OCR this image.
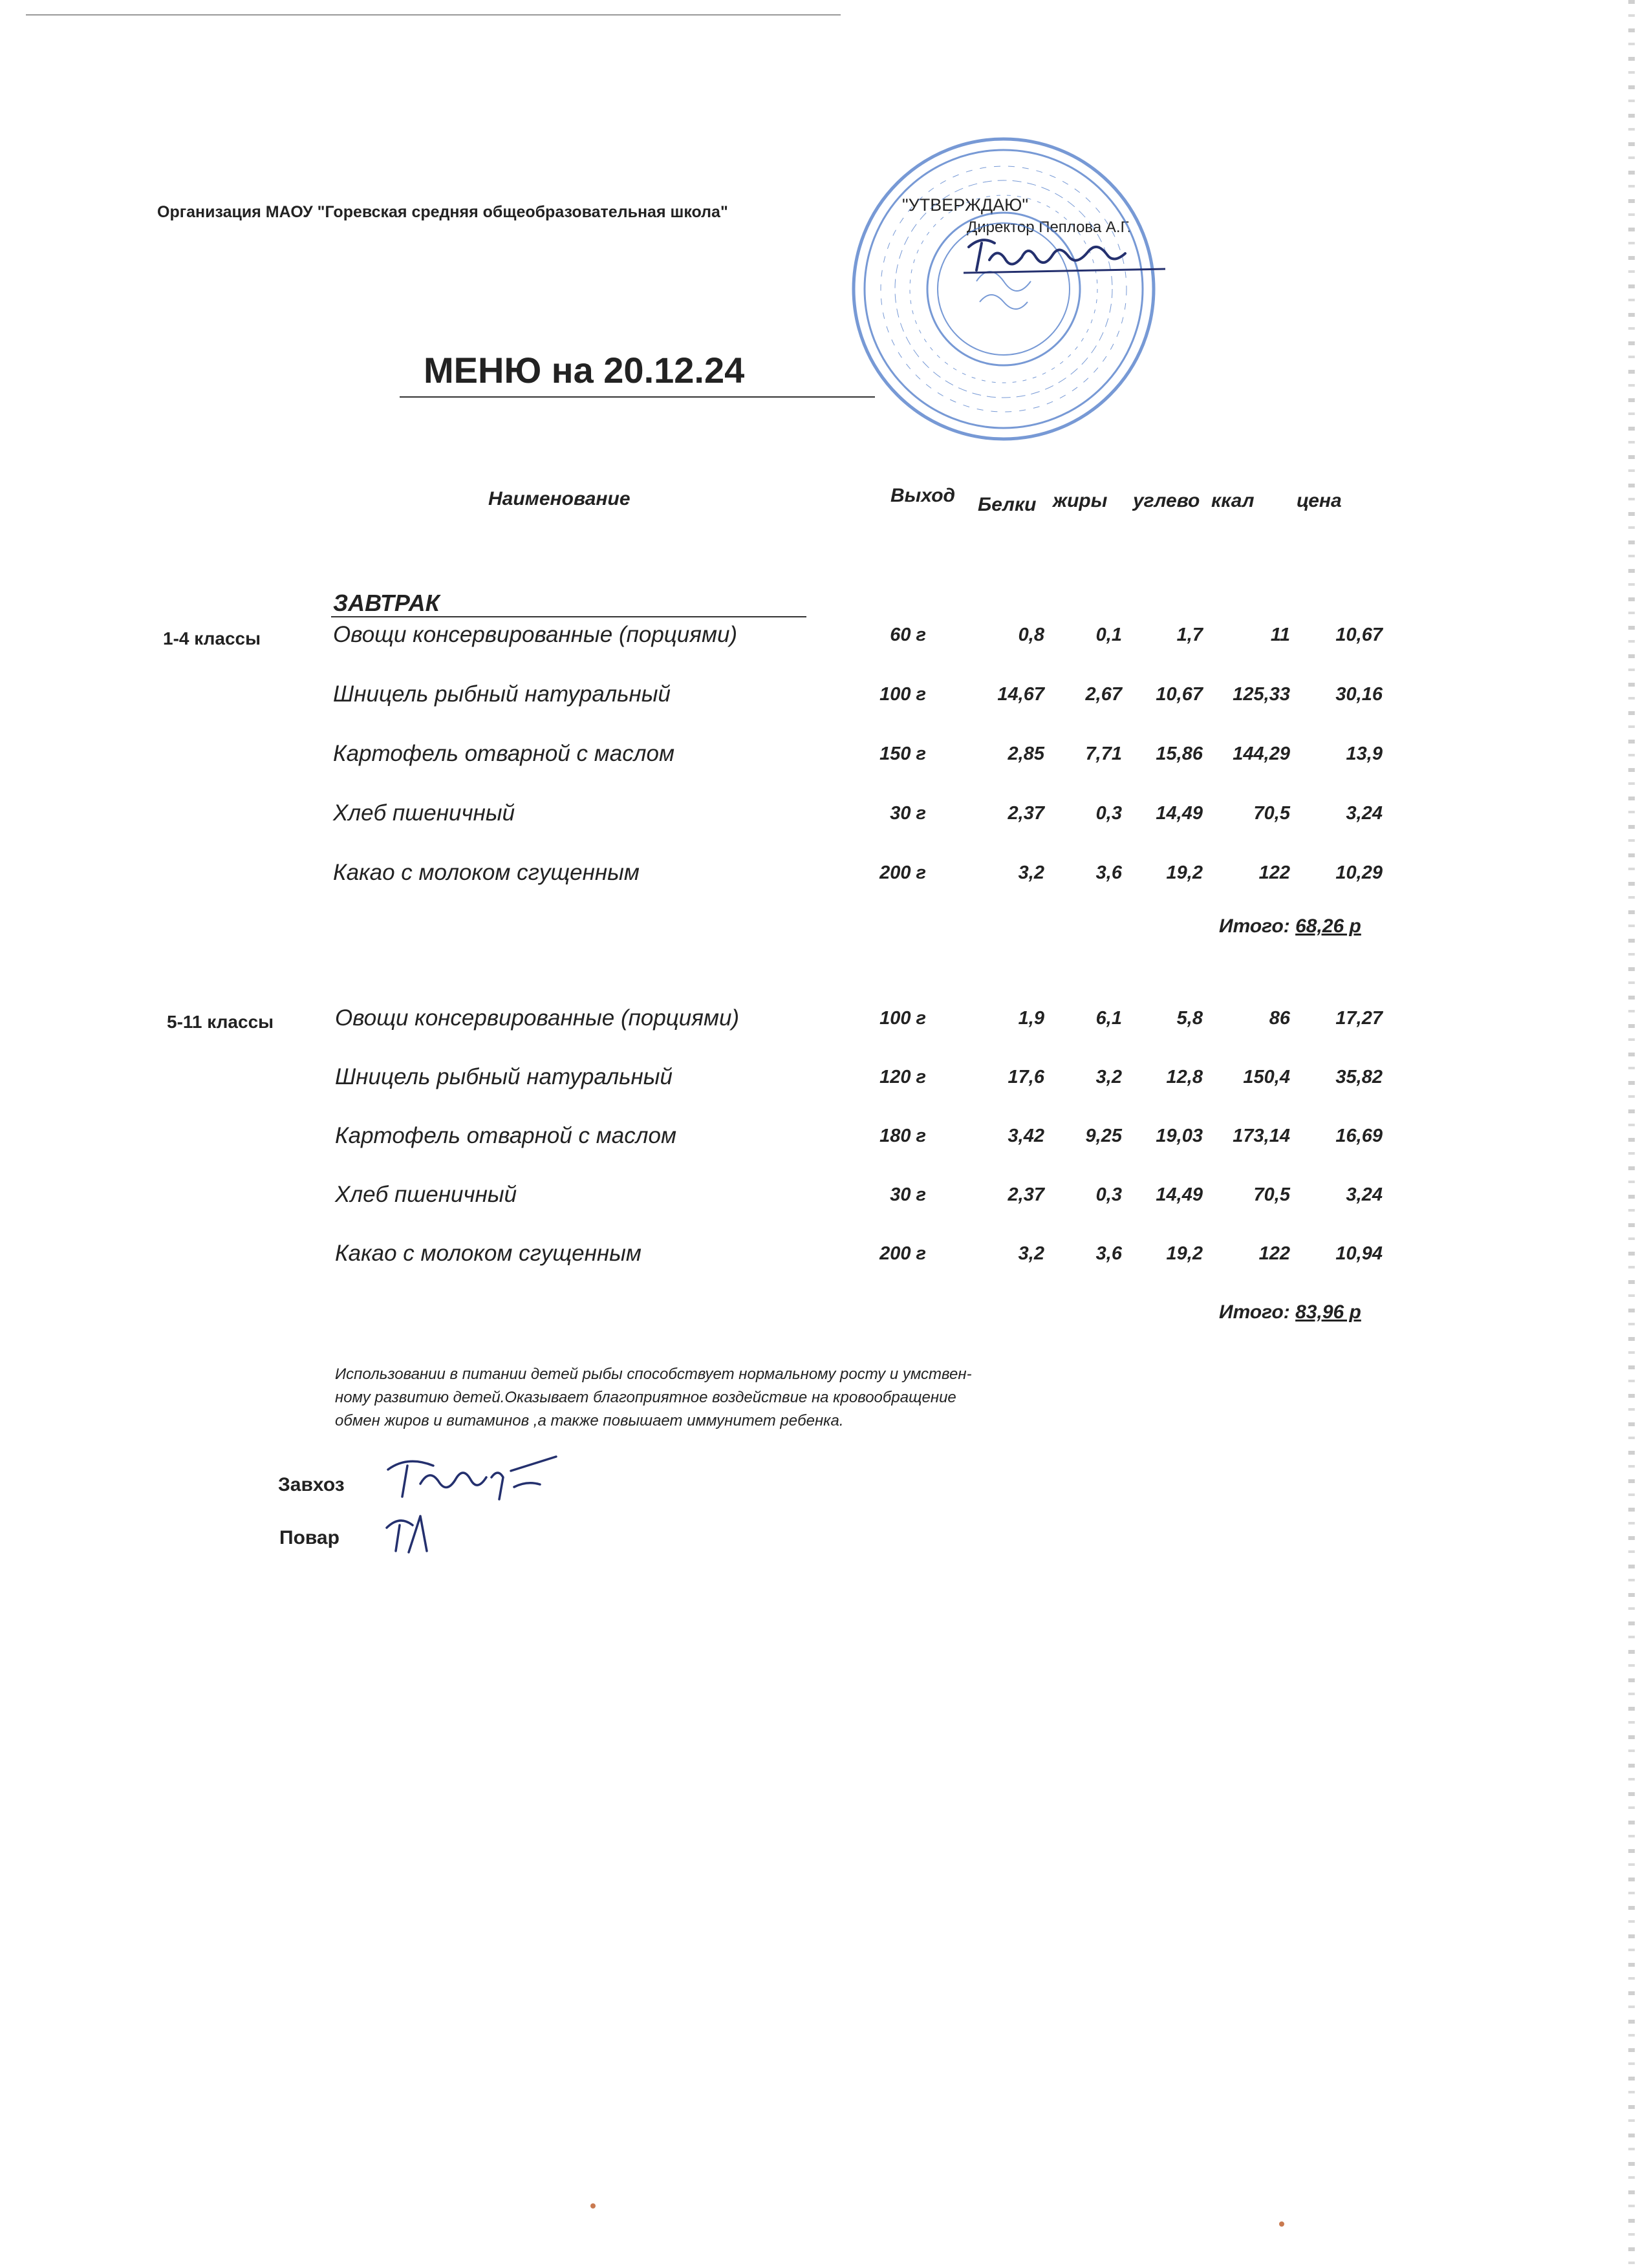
Организация МАОУ "Горевская средняя общеобразовательная школа"	"УТВЕРЖДАЮ"
Директор Пеплова А.Г.
МЕНЮ на 20.12.24
Наименование	Выход Белки жиры углево ккал цена
ЗАВТРАК
1-4 классы	Овощи консервированные (порциями)	60 г	0,8	0,1	1,7	11 10,67
Шницель рыбный натуральный	100 г	14,67 2,67 10,67 125,33 30,16
Картофель отварной с маслом	150 г	2,85 7,71 15,86 144,29	13,9
Хлеб пшеничный	30 г	2,37	0,3 14,49	70,5	3,24
Какао с молоком сгущенным	200 г	3,2	3,6 19,2	122 10,29
Итого: 68,26 р
5-11 классы	Овощи консервированные (порциями)	100 г	1,9	6,1	5,8	86 17,27
Шницель рыбный натуральный	120 г	17,6	3,2 12,8 150,4 35,82
Картофель отварной с маслом	180 г	3,42 9,25 19,03 173,14 16,69
Хлеб пшеничный	30 г	2,37	0,3 14,49	70,5	3,24
Какао с молоком сгущенным	200 г	3,2	3,6 19,2	122 10,94
Итого: 83,96 р
Использовании в питании детей рыбы способствует нормальному росту и умствен-
ному развитию детей.Оказывает благоприятное воздействие на кровообращение
обмен жиров и витаминов ,а также повышает иммунитет ребенка.
Завхоз
Повар
